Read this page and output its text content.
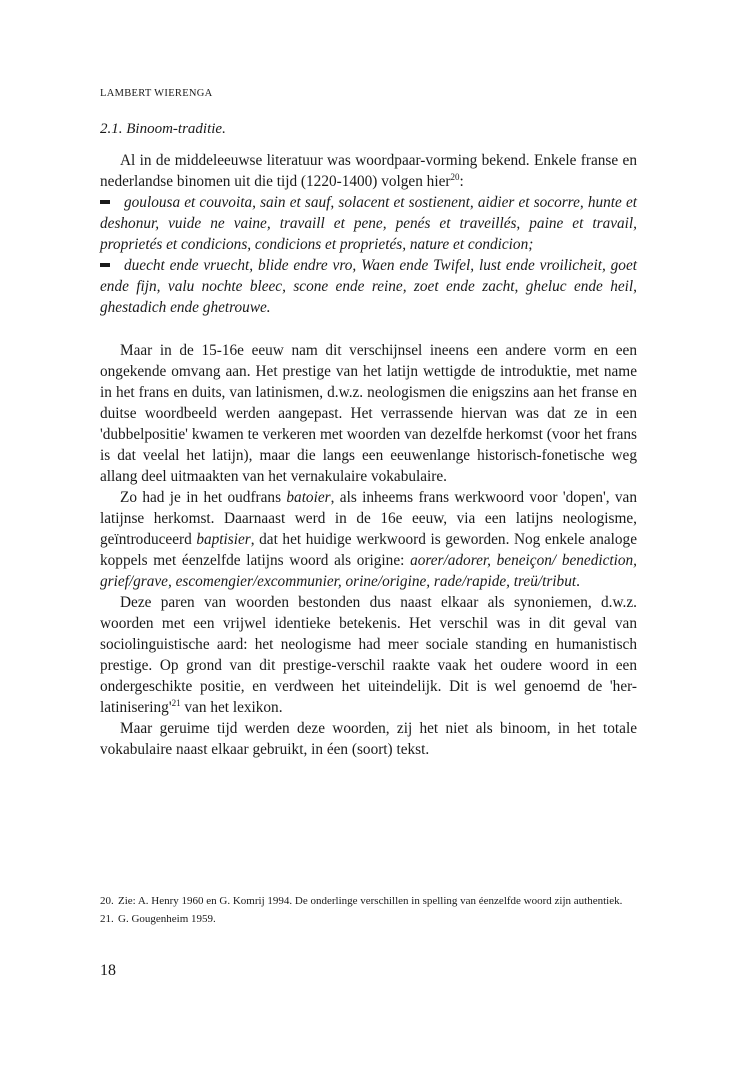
LAMBERT WIERENGA
2.1. Binoom-traditie.

Al in de middeleeuwse literatuur was woordpaar-vorming bekend. Enkele franse en nederlandse binomen uit die tijd (1220-1400) volgen hier$^{20}$:

goulousa et couvoita, sain et sauf, solacent et sostienent, aidier et socorre, hunte et deshonur, vuide ne vaine, travaill et pene, penés et traveillés, paine et travail, proprietés et condicions, condicions et proprietés, nature et condicion;

duecht ende vruecht, blide endre vro, Waen ende Twifel, lust ende vroilicheit, goet ende fijn, valu nochte bleec, scone ende reine, zoet ende zacht, gheluc ende heil, ghestadich ende ghetrouwe.

Maar in de 15-16e eeuw nam dit verschijnsel ineens een andere vorm en een ongekende omvang aan. Het prestige van het latijn wettigde de introduktie, met name in het frans en duits, van latinismen, d.w.z. neologismen die enigszins aan het franse en duitse woordbeeld werden aangepast. Het verrassende hiervan was dat ze in een 'dubbelpositie' kwamen te verkeren met woorden van dezelfde herkomst (voor het frans is dat veelal het latijn), maar die langs een eeuwenlange historisch-fonetische weg allang deel uitmaakten van het vernakulaire vokabulaire.

Zo had je in het oudfrans batoier, als inheems frans werkwoord voor 'dopen', van latijnse herkomst. Daarnaast werd in de 16e eeuw, via een latijns neologisme, geïntroduceerd baptisier, dat het huidige werkwoord is geworden. Nog enkele analoge koppels met éenzelfde latijns woord als origine: aorer/adorer, beneiçon/ benediction, grief/grave, escomengier/excommunier, orine/origine, rade/rapide, treü/tribut.

Deze paren van woorden bestonden dus naast elkaar als synoniemen, d.w.z. woorden met een vrijwel identieke betekenis. Het verschil was in dit geval van sociolinguistische aard: het neologisme had meer sociale standing en humanistisch prestige. Op grond van dit prestige-verschil raakte vaak het oudere woord in een ondergeschikte positie, en verdween het uiteindelijk. Dit is wel genoemd de '$her-latinisering'^{21}$ van het lexikon.

Maar geruime tijd werden deze woorden, zij het niet als binoom, in het totale vokabulaire naast elkaar gebruikt, in éen (soort) tekst.

20. Zie: A. Henry 1960 en G. Komrij 1994. De onderlinge verschillen in spelling van éenzelfde woord zijn authentiek.
21. G. Gougenheim 1959.
18
